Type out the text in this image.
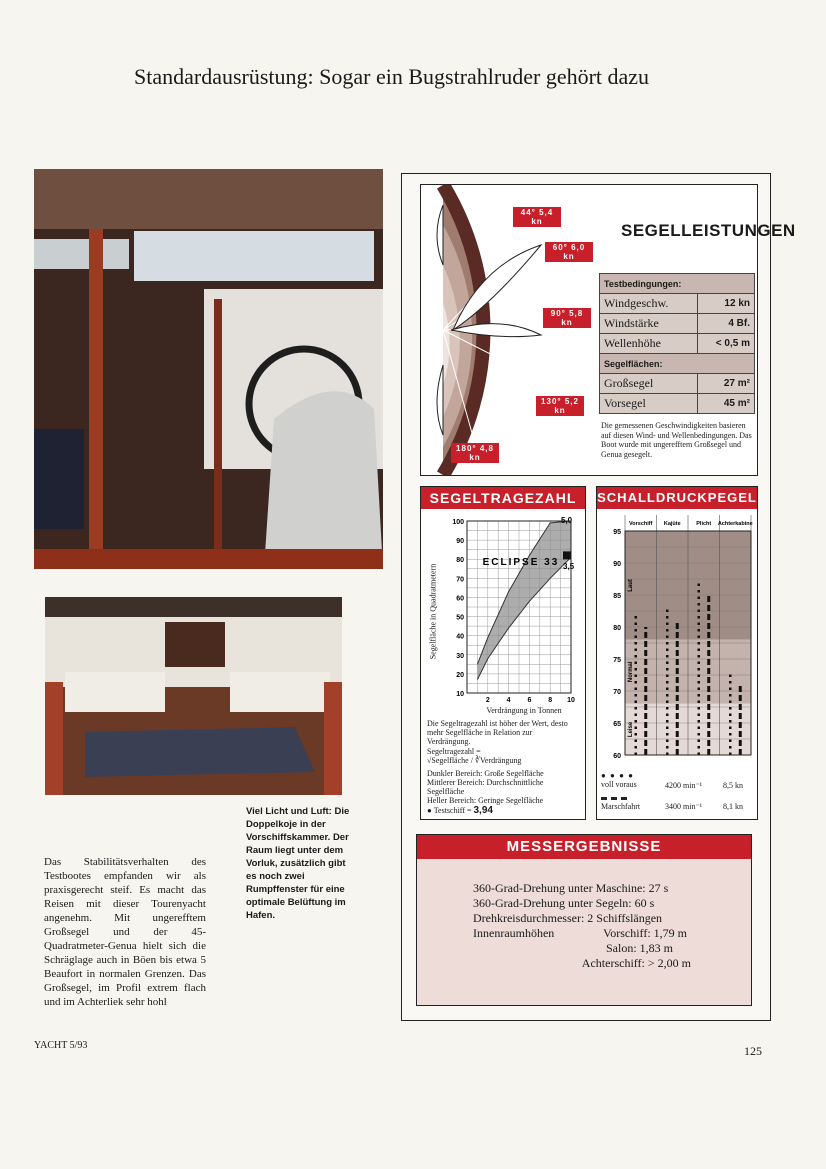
Standardausrüstung: Sogar ein Bugstrahlruder gehört dazu
Viel Licht und Luft: Die Doppelkoje in der Vorschiffskammer. Der Raum liegt unter dem Vorluk, zusätzlich gibt es noch zwei Rumpffenster für eine optimale Belüftung im Hafen.
Das Stabilitätsverhalten des Testbootes empfanden wir als praxisgerecht steif. Es macht das Reisen mit dieser Tourenyacht angenehm. Mit ungerefftem Großsegel und der 45-Quadratmeter-Genua hielt sich die Schräglage auch in Böen bis etwa 5 Beaufort in normalen Grenzen. Das Großsegel, im Profil extrem flach und im Achterliek sehr hohl
YACHT 5/93	125
44° 5,4 kn
60° 6,0 kn
90° 5,8 kn
130° 5,2 kn
180° 4,8 kn
SEGELLEISTUNGEN
Testbedingungen:	
Windgeschw.	12 kn
Windstärke	4 Bf.
Wellenhöhe	< 0,5 m
Segelflächen:	
Großsegel	27 m²
Vorsegel	45 m²
Die gemessenen Geschwindigkeiten basieren auf diesen Wind- und Wellenbedingungen. Das Boot wurde mit ungerefftem Großsegel und Genua gesegelt.
SEGELTRAGEZAHL
Segelfläche in Quadratmetern
5,0
3,5
ECLIPSE 33
10
20
30
40
50
60
70
80
90
100
2 4 6 8 10
Verdrängung in Tonnen
Die Segeltragezahl ist höher der Wert, desto mehr Segelfläche in Relation zur Verdrängung.
Segeltragezahl =
√Segelfläche / ∛Verdrängung
Dunkler Bereich: Große Segelfläche
Mittlerer Bereich: Durchschnittliche Segelfläche
Heller Bereich: Geringe Segelfläche
● Testschiff = 3,94
SCHALLDRUCKPEGEL
Vorschiff Kajüte	Plicht Achterkabine
Laut
Normal
Leise
60
65
70
75
80
85
90
95
● ● ● ●
voll voraus	4200 min⁻¹	8,5 kn
Marschfahrt	3400 min⁻¹	8,1 kn
MESSERGEBNISSE
360-Grad-Drehung unter Maschine: 27 s
360-Grad-Drehung unter Segeln: 60 s
Drehkreisdurchmesser: 2 Schiffslängen
Innenraumhöhen	Vorschiff: 1,79 m
Salon: 1,83 m
Achterschiff: > 2,00 m
